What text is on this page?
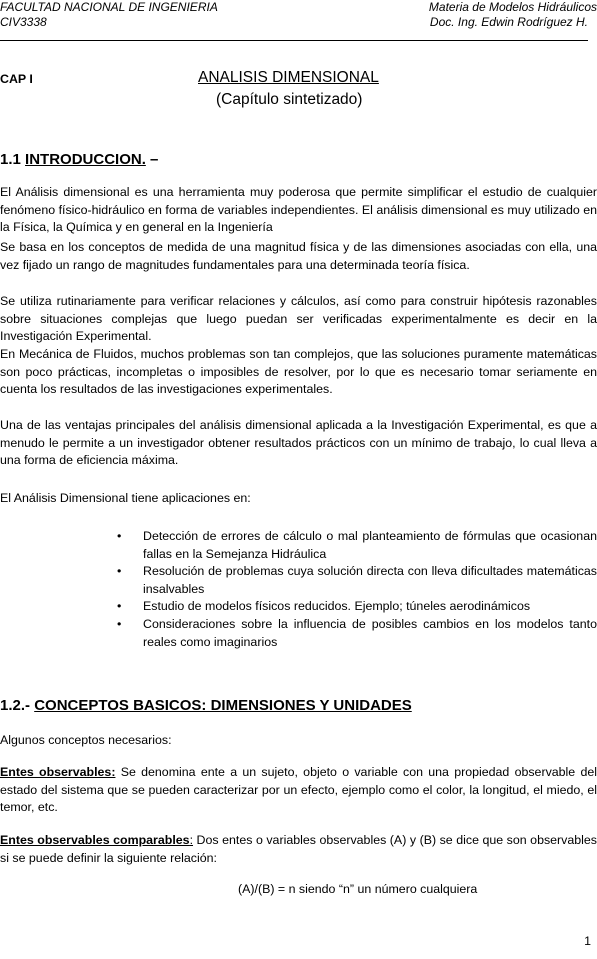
FACULTAD NACIONAL DE INGENIERIA
CIV3338
Materia de Modelos Hidráulicos
Doc. Ing. Edwin Rodríguez H.
CAP I	ANALISIS DIMENSIONAL
(Capítulo sintetizado)
1.1 INTRODUCCION. –

El Análisis dimensional es una herramienta muy poderosa que permite simplificar el estudio de cualquier fenómeno físico-hidráulico en forma de variables independientes. El análisis dimensional es muy utilizado en la Física, la Química y en general en la Ingeniería

Se basa en los conceptos de medida de una magnitud física y de las dimensiones asociadas con ella, una vez fijado un rango de magnitudes fundamentales para una determinada teoría física.

Se utiliza rutinariamente para verificar relaciones y cálculos, así como para construir hipótesis razonables sobre situaciones complejas que luego puedan ser verificadas experimentalmente es decir en la Investigación Experimental.

En Mecánica de Fluidos, muchos problemas son tan complejos, que las soluciones puramente matemáticas son poco prácticas, incompletas o imposibles de resolver, por lo que es necesario tomar seriamente en cuenta los resultados de las investigaciones experimentales.

Una de las ventajas principales del análisis dimensional aplicada a la Investigación Experimental, es que a menudo le permite a un investigador obtener resultados prácticos con un mínimo de trabajo, lo cual lleva a una forma de eficiencia máxima.

El Análisis Dimensional tiene aplicaciones en:

• Detección de errores de cálculo o mal planteamiento de fórmulas que ocasionan fallas en la Semejanza Hidráulica
• Resolución de problemas cuya solución directa con lleva dificultades matemáticas insalvables
• Estudio de modelos físicos reducidos. Ejemplo; túneles aerodinámicos
• Consideraciones sobre la influencia de posibles cambios en los modelos tanto reales como imaginarios
1.2.- CONCEPTOS BASICOS: DIMENSIONES Y UNIDADES

Algunos conceptos necesarios:

Entes observables: Se denomina ente a un sujeto, objeto o variable con una propiedad observable del estado del sistema que se pueden caracterizar por un efecto, ejemplo como el color, la longitud, el miedo, el temor, etc.

Entes observables comparables: Dos entes o variables observables (A) y (B) se dice que son observables si se puede definir la siguiente relación:

(A)/(B) = n siendo “n” un número cualquiera
1
